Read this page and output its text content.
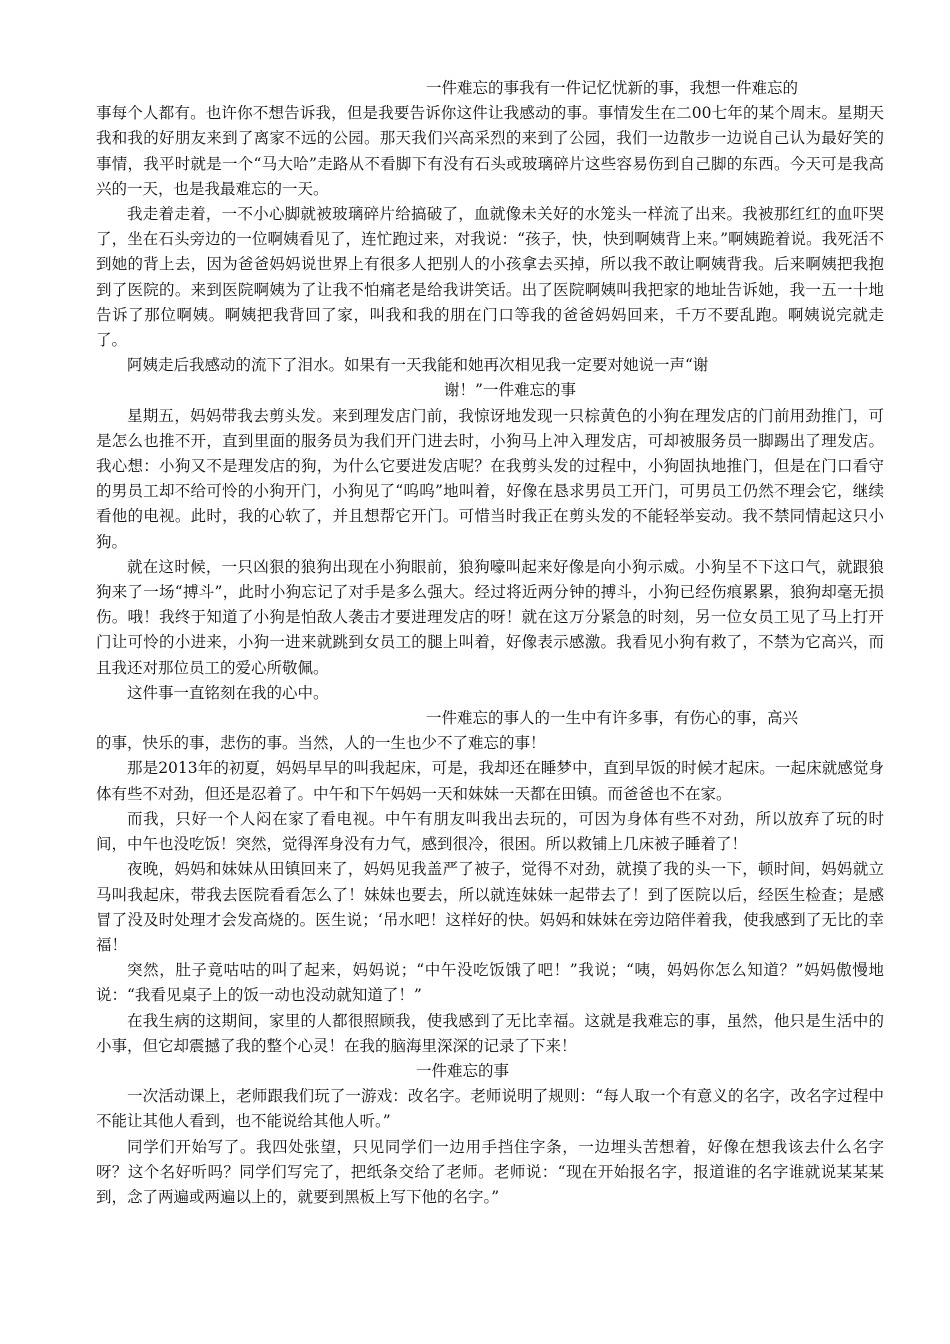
一件难忘的事我有一件记忆忧新的事，我想一件难忘的

事每个人都有。也许你不想告诉我，但是我要告诉你这件让我感动的事。事情发生在二00七年的某个周末。星期天我和我的好朋友来到了离家不远的公园。那天我们兴高采烈的来到了公园，我们一边散步一边说自己认为最好笑的事情，我平时就是一个“马大哈”走路从不看脚下有没有石头或玻璃碎片这些容易伤到自己脚的东西。今天可是我高兴的一天，也是我最难忘的一天。

我走着走着，一不小心脚就被玻璃碎片给搞破了，血就像未关好的水笼头一样流了出来。我被那红红的血吓哭了，坐在石头旁边的一位啊姨看见了，连忙跑过来，对我说：“孩子，快，快到啊姨背上来。”啊姨跪着说。我死活不到她的背上去，因为爸爸妈妈说世界上有很多人把别人的小孩拿去买掉，所以我不敢让啊姨背我。后来啊姨把我抱到了医院的。来到医院啊姨为了让我不怕痛老是给我讲笑话。出了医院啊姨叫我把家的地址告诉她，我一五一十地告诉了那位啊姨。啊姨把我背回了家，叫我和我的朋在门口等我的爸爸妈妈回来，千万不要乱跑。啊姨说完就走了。

阿姨走后我感动的流下了泪水。如果有一天我能和她再次相见我一定要对她说一声“谢

谢！”一件难忘的事

星期五，妈妈带我去剪头发。来到理发店门前，我惊讶地发现一只棕黄色的小狗在理发店的门前用劲推门，可是怎么也推不开，直到里面的服务员为我们开门进去时，小狗马上冲入理发店，可却被服务员一脚踢出了理发店。我心想：小狗又不是理发店的狗，为什么它要进发店呢？在我剪头发的过程中，小狗固执地推门，但是在门口看守的男员工却不给可怜的小狗开门，小狗见了“呜呜”地叫着，好像在恳求男员工开门，可男员工仍然不理会它，继续看他的电视。此时，我的心软了，并且想帮它开门。可惜当时我正在剪头发的不能轻举妄动。我不禁同情起这只小狗。

就在这时候，一只凶狠的狼狗出现在小狗眼前，狼狗嚎叫起来好像是向小狗示威。小狗呈不下这口气，就跟狼狗来了一场“搏斗”，此时小狗忘记了对手是多么强大。经过将近两分钟的搏斗，小狗已经伤痕累累，狼狗却毫无损伤。哦！我终于知道了小狗是怕敌人袭击才要进理发店的呀！就在这万分紧急的时刻，另一位女员工见了马上打开门让可怜的小进来，小狗一进来就跳到女员工的腿上叫着，好像表示感激。我看见小狗有救了，不禁为它高兴，而且我还对那位员工的爱心所敬佩。

这件事一直铭刻在我的心中。

一件难忘的事人的一生中有许多事，有伤心的事，高兴

的事，快乐的事，悲伤的事。当然，人的一生也少不了难忘的事！

那是2013年的初夏，妈妈早早的叫我起床，可是，我却还在睡梦中，直到早饭的时候才起床。一起床就感觉身体有些不对劲，但还是忍着了。中午和下午妈妈一天和妹妹一天都在田镇。而爸爸也不在家。

而我，只好一个人闷在家了看电视。中午有朋友叫我出去玩的，可因为身体有些不对劲，所以放弃了玩的时间，中午也没吃饭！突然，觉得浑身没有力气，感到很冷，很困。所以救铺上几床被子睡着了！

夜晚，妈妈和妹妹从田镇回来了，妈妈见我盖严了被子，觉得不对劲，就摸了我的头一下，顿时间，妈妈就立马叫我起床，带我去医院看看怎么了！妹妹也要去，所以就连妹妹一起带去了！到了医院以后，经医生检查；是感冒了没及时处理才会发高烧的。医生说；‘吊水吧！这样好的快。妈妈和妹妹在旁边陪伴着我，使我感到了无比的幸福！

突然，肚子竟咕咕的叫了起来，妈妈说；“中午没吃饭饿了吧！”我说；“咦，妈妈你怎么知道？”妈妈傲慢地说：“我看见桌子上的饭一动也没动就知道了！”

在我生病的这期间，家里的人都很照顾我，使我感到了无比幸福。这就是我难忘的事，虽然，他只是生活中的小事，但它却震撼了我的整个心灵！在我的脑海里深深的记录了下来！

一件难忘的事

一次活动课上，老师跟我们玩了一游戏：改名字。老师说明了规则：“每人取一个有意义的名字，改名字过程中不能让其他人看到，也不能说给其他人听。”

同学们开始写了。我四处张望，只见同学们一边用手挡住字条，一边埋头苦想着，好像在想我该去什么名字呀？这个名好听吗？同学们写完了，把纸条交给了老师。老师说：“现在开始报名字，报道谁的名字谁就说某某某到，念了两遍或两遍以上的，就要到黑板上写下他的名字。”
